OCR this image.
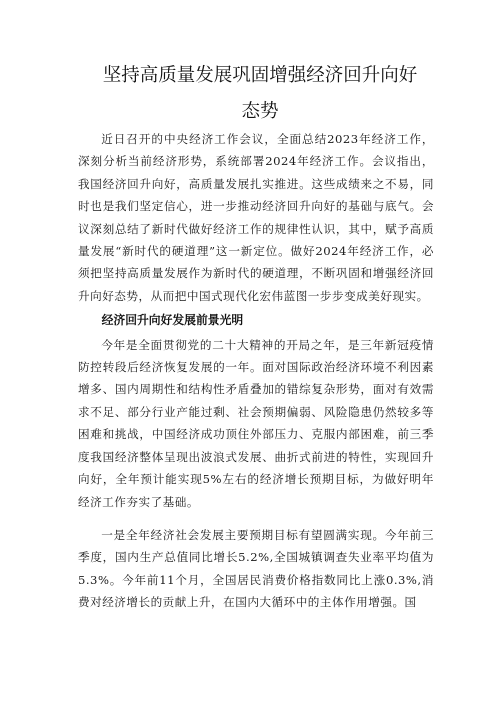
坚持高质量发展巩固增强经济回升向好态势

近日召开的中央经济工作会议，全面总结2023年经济工作，深刻分析当前经济形势，系统部署2024年经济工作。会议指出，我国经济回升向好，高质量发展扎实推进。这些成绩来之不易，同时也是我们坚定信心，进一步推动经济回升向好的基础与底气。会议深刻总结了新时代做好经济工作的规律性认识，其中，赋予高质量发展“新时代的硬道理”这一新定位。做好2024年经济工作，必须把坚持高质量发展作为新时代的硬道理，不断巩固和增强经济回升向好态势，从而把中国式现代化宏伟蓝图一步步变成美好现实。

经济回升向好发展前景光明

今年是全面贯彻党的二十大精神的开局之年，是三年新冠疫情防控转段后经济恢复发展的一年。面对国际政治经济环境不利因素增多、国内周期性和结构性矛盾叠加的错综复杂形势，面对有效需求不足、部分行业产能过剩、社会预期偏弱、风险隐患仍然较多等困难和挑战，中国经济成功顶住外部压力、克服内部困难，前三季度我国经济整体呈现出波浪式发展、曲折式前进的特性，实现回升向好，全年预计能实现5%左右的经济增长预期目标，为做好明年经济工作夯实了基础。

一是全年经济社会发展主要预期目标有望圆满实现。今年前三季度，国内生产总值同比增长5.2%,全国城镇调查失业率平均值为5.3%。今年前11个月，全国居民消费价格指数同比上涨0.3%,消费对经济增长的贡献上升，在国内大循环中的主体作用增强。国
